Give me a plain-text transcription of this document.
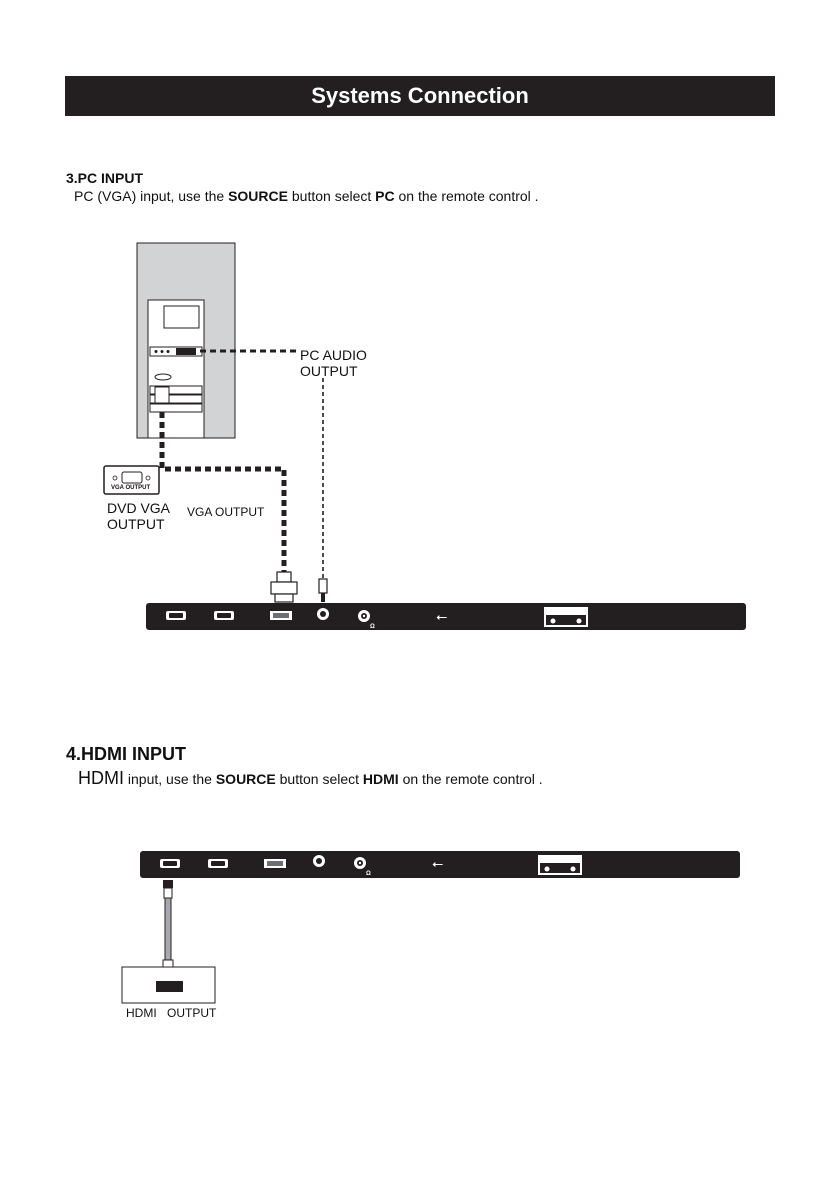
Systems Connection
3.PC INPUT
PC (VGA) input, use the SOURCE button select PC on the remote control .
Ω
⭠
Ω
⭠
PC AUDIO
OUTPUT
VGA OUTPUT
DVD VGA
OUTPUT
VGA OUTPUT
4.HDMI INPUT
HDMI input, use the SOURCE button select HDMI on the remote control .
HDMI OUTPUT
